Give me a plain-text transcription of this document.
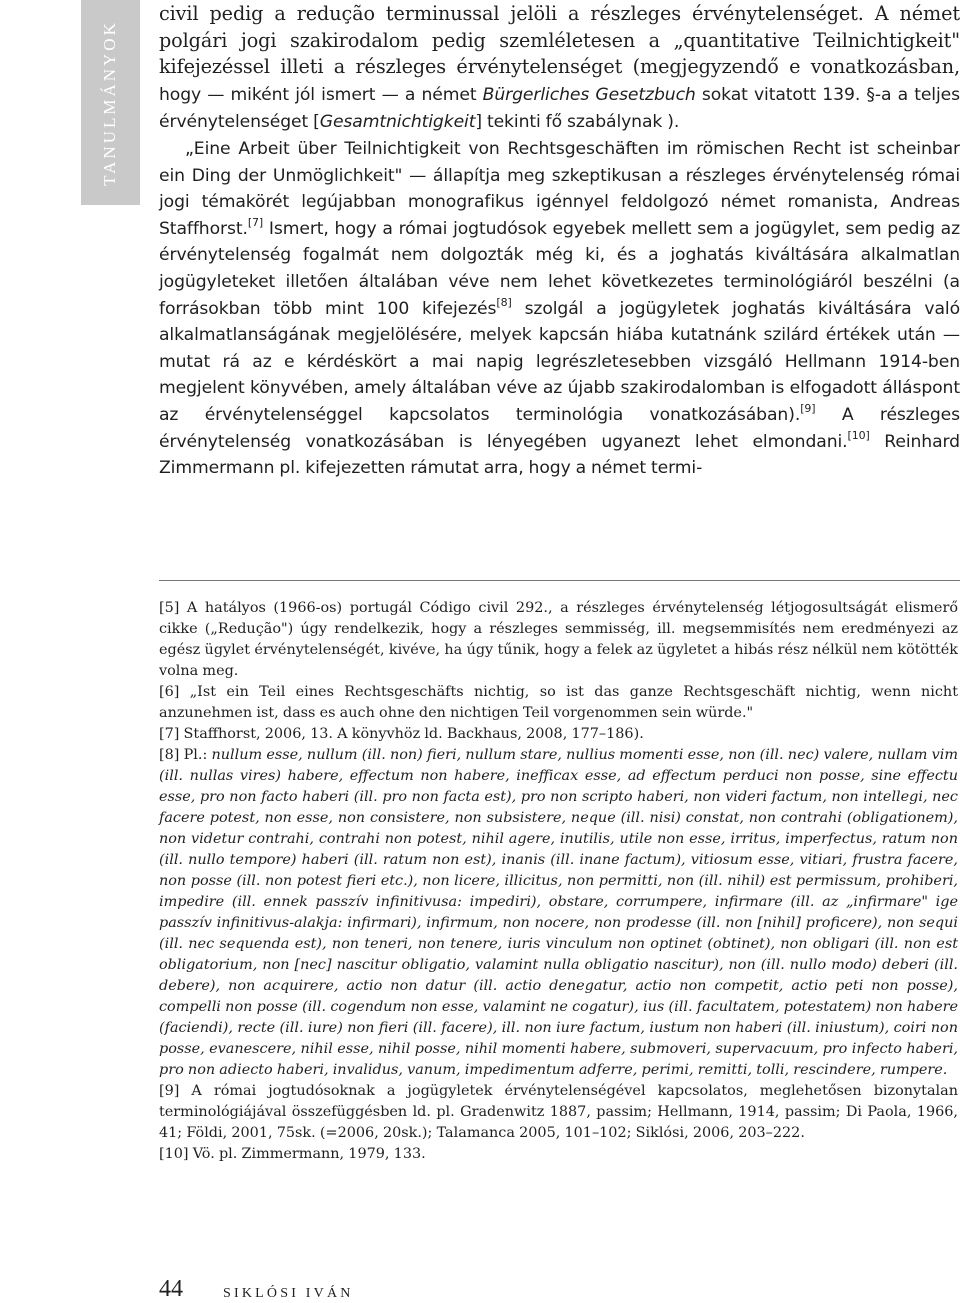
TANULMÁNYOK

civil pedig a redução terminussal jelöli a részleges érvénytelenséget. A német polgári jogi szakirodalom pedig szemléletesen a „quantitative Teilnichtigkeit" kifejezéssel illeti a részleges érvénytelenséget (megjegyzendő e vonatkozásban, hogy — miként jól ismert — a német Bürgerliches Gesetzbuch sokat vitatott 139. §-a a teljes érvénytelenséget [Gesamtnichtigkeit] tekinti fő szabálynak ).

„Eine Arbeit über Teilnichtigkeit von Rechtsgeschäften im römischen Recht ist scheinbar ein Ding der Unmöglichkeit" — állapítja meg szkeptikusan a részleges érvénytelenség római jogi témakörét legújabban monografikus igénnyel feldolgozó német romanista, Andreas Staffhorst.[7] Ismert, hogy a római jogtudósok egyebek mellett sem a jogügylet, sem pedig az érvénytelenség fogalmát nem dolgozták még ki, és a joghatás kiváltására alkalmatlan jogügyleteket illetően általában véve nem lehet következetes terminológiáról beszélni (a forrásokban több mint 100 kifejezés[8] szolgál a jogügyletek joghatás kiváltására való alkalmatlanságának megjelölésére, melyek kapcsán hiába kutatnánk szilárd értékek után — mutat rá az e kérdéskört a mai napig legrészletesebben vizsgáló Hellmann 1914-ben megjelent könyvében, amely általában véve az újabb szakirodalomban is elfogadott álláspont az érvénytelenséggel kapcsolatos terminológia vonatkozásában).[9] A részleges érvénytelenség vonatkozásában is lényegében ugyanezt lehet elmondani.[10] Reinhard Zimmermann pl. kifejezetten rámutat arra, hogy a német termi-

[5] A hatályos (1966-os) portugál Código civil 292., a részleges érvénytelenség létjogosultságát elismerő cikke („Redução") úgy rendelkezik, hogy a részleges semmisség, ill. megsemmisítés nem eredményezi az egész ügylet érvénytelenségét, kivéve, ha úgy tűnik, hogy a felek az ügyletet a hibás rész nélkül nem kötötték volna meg.

[6] „Ist ein Teil eines Rechtsgeschäfts nichtig, so ist das ganze Rechtsgeschäft nichtig, wenn nicht anzunehmen ist, dass es auch ohne den nichtigen Teil vorgenommen sein würde."

[7] Staffhorst, 2006, 13. A könyvhöz ld. Backhaus, 2008, 177–186).

[8] Pl.: nullum esse, nullum (ill. non) fieri, nullum stare, nullius momenti esse, non (ill. nec) valere, nullam vim (ill. nullas vires) habere, effectum non habere, inefficax esse, ad effectum perduci non posse, sine effectu esse, pro non facto haberi (ill. pro non facta est), pro non scripto haberi, non videri factum, non intellegi, nec facere potest, non esse, non consistere, non subsistere, neque (ill. nisi) constat, non contrahi (obligationem), non videtur contrahi, contrahi non potest, nihil agere, inutilis, utile non esse, irritus, imperfectus, ratum non (ill. nullo tempore) haberi (ill. ratum non est), inanis (ill. inane factum), vitiosum esse, vitiari, frustra facere, non posse (ill. non potest fieri etc.), non licere, illicitus, non permitti, non (ill. nihil) est permissum, prohiberi, impedire (ill. ennek passzív infinitivusa: impediri), obstare, corrumpere, infirmare (ill. az „infirmare" ige passzív infinitivus-alakja: infirmari), infirmum, non nocere, non prodesse (ill. non [nihil] proficere), non sequi (ill. nec sequenda est), non teneri, non tenere, iuris vinculum non optinet (obtinet), non obligari (ill. non est obligatorium, non [nec] nascitur obligatio, valamint nulla obligatio nascitur), non (ill. nullo modo) deberi (ill. debere), non acquirere, actio non datur (ill. actio denegatur, actio non competit, actio peti non posse), compelli non posse (ill. cogendum non esse, valamint ne cogatur), ius (ill. facultatem, potestatem) non habere (faciendi), recte (ill. iure) non fieri (ill. facere), ill. non iure factum, iustum non haberi (ill. iniustum), coiri non posse, evanescere, nihil esse, nihil posse, nihil momenti habere, submoveri, supervacuum, pro infecto haberi, pro non adiecto haberi, invalidus, vanum, impedimentum adferre, perimi, remitti, tolli, rescindere, rumpere.

[9] A római jogtudósoknak a jogügyletek érvénytelenségével kapcsolatos, meglehetősen bizonytalan terminológiájával összefüggésben ld. pl. Gradenwitz 1887, passim; Hellmann, 1914, passim; Di Paola, 1966, 41; Földi, 2001, 75sk. (=2006, 20sk.); Talamanca 2005, 101–102; Siklósi, 2006, 203–222.

[10] Vö. pl. Zimmermann, 1979, 133.

44	SIKLÓSI IVÁN
